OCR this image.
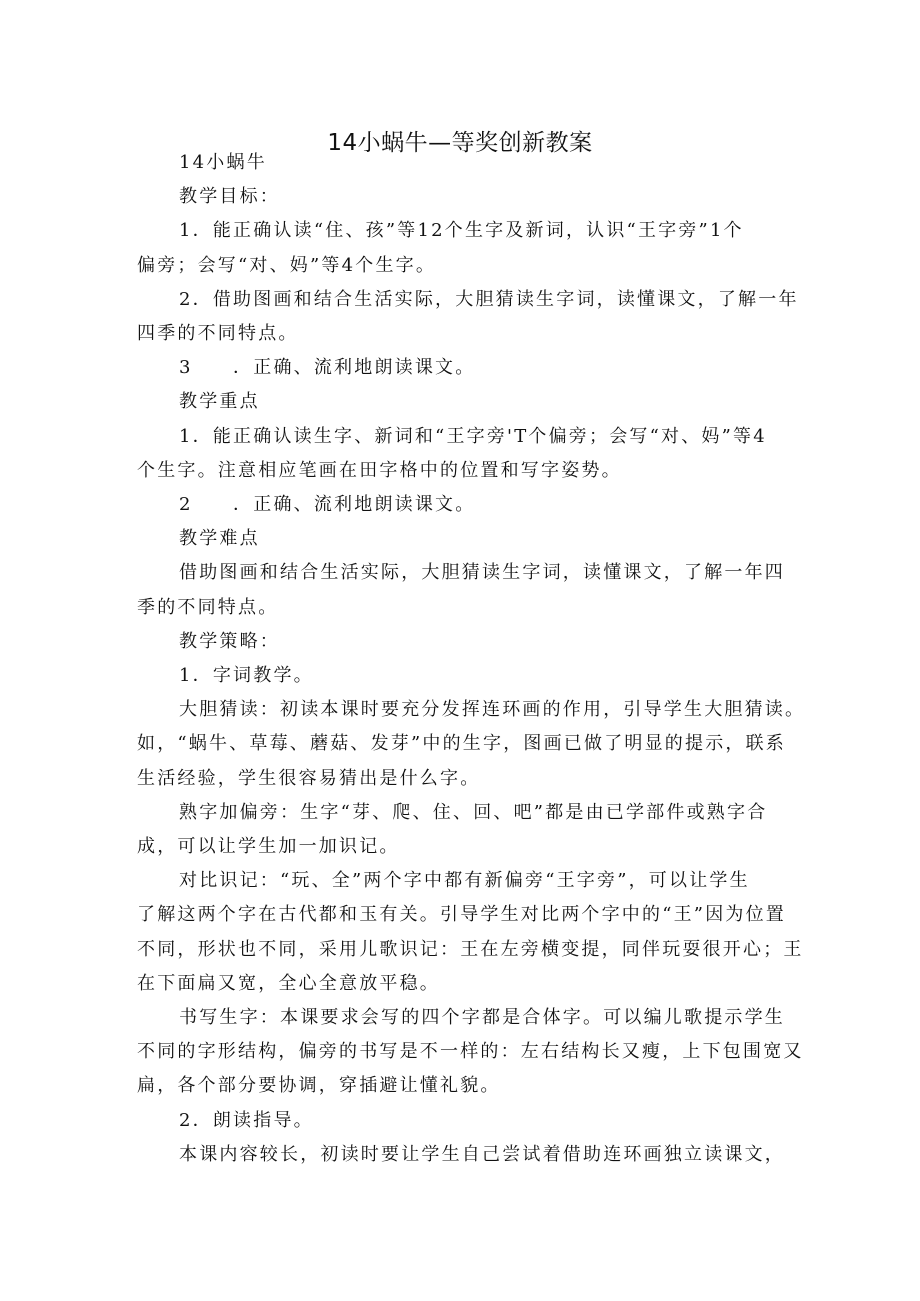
14小蜗牛—等奖创新教案

14小蜗牛

教学目标：

1．能正确认读“住、孩”等12个生字及新词，认识“王字旁”1个

偏旁；会写“对、妈”等4个生字。

2．借助图画和结合生活实际，大胆猜读生字词，读懂课文，了解一年

四季的不同特点。

3　　．正确、流利地朗读课文。

教学重点

1．能正确认读生字、新词和“王字旁'T个偏旁；会写“对、妈”等4

个生字。注意相应笔画在田字格中的位置和写字姿势。

2　　．正确、流利地朗读课文。

教学难点

借助图画和结合生活实际，大胆猜读生字词，读懂课文，了解一年四

季的不同特点。

教学策略：

1．字词教学。

大胆猜读：初读本课时要充分发挥连环画的作用，引导学生大胆猜读。

如，“蜗牛、草莓、蘑菇、发芽”中的生字，图画已做了明显的提示，联系

生活经验，学生很容易猜出是什么字。

熟字加偏旁：生字“芽、爬、住、回、吧”都是由已学部件或熟字合

成，可以让学生加一加识记。

对比识记：“玩、全”两个字中都有新偏旁“王字旁”，可以让学生

了解这两个字在古代都和玉有关。引导学生对比两个字中的“王”因为位置

不同，形状也不同，采用儿歌识记：王在左旁横变提，同伴玩耍很开心；王

在下面扁又宽，全心全意放平稳。

书写生字：本课要求会写的四个字都是合体字。可以编儿歌提示学生

不同的字形结构，偏旁的书写是不一样的：左右结构长又瘦，上下包围宽又

扁，各个部分要协调，穿插避让懂礼貌。

2．朗读指导。

本课内容较长，初读时要让学生自己尝试着借助连环画独立读课文，
